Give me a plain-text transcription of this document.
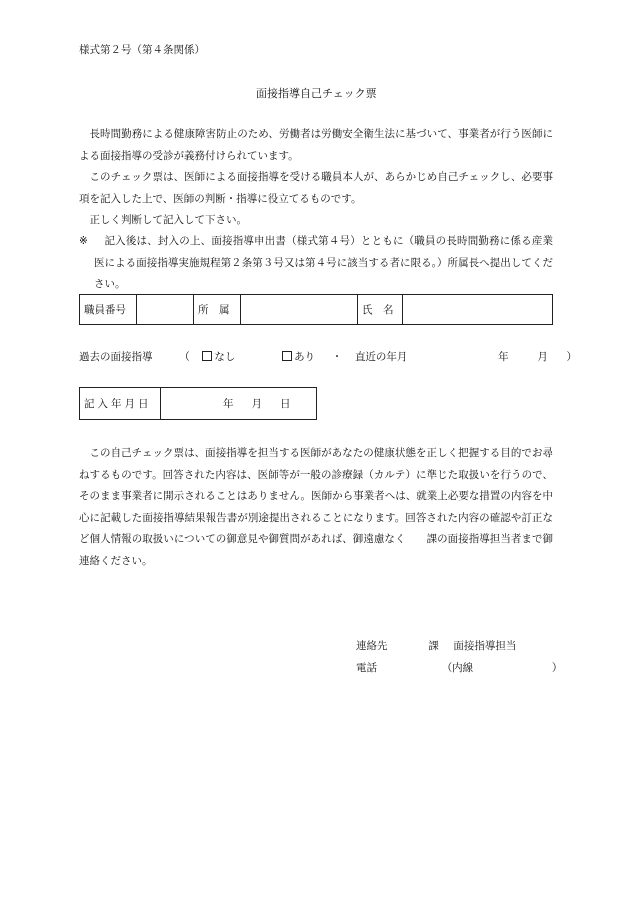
様式第２号（第４条関係）
面接指導自己チェック票

長時間勤務による健康障害防止のため、労働者は労働安全衛生法に基づいて、事業者が行う医師による面接指導の受診が義務付けられています。

このチェック票は、医師による面接指導を受ける職員本人が、あらかじめ自己チェックし、必要事項を記入した上で、医師の判断・指導に役立てるものです。

正しく判断して記入して下さい。

※	記入後は、封入の上、面接指導申出書（様式第４号）とともに（職員の長時間勤務に係る産業医による面接指導実施規程第２条第３号又は第４号に該当する者に限る。）所属長へ提出してください。
職員番号		所　属		氏　名	
過去の面接指導	（ なし	あり ・ 直近の年月	年	月 ）
記入年月日	年 月 日

この自己チェック票は、面接指導を担当する医師があなたの健康状態を正しく把握する目的でお尋ねするものです。回答された内容は、医師等が一般の診療録（カルテ）に準じた取扱いを行うので、そのまま事業者に開示されることはありません。医師から事業者へは、就業上必要な措置の内容を中心に記載した面接指導結果報告書が別途提出されることになります。回答された内容の確認や訂正など個人情報の取扱いについての御意見や御質問があれば、御遠慮なく　　課の面接指導担当者まで御連絡ください。

連絡先	課 面接指導担当
電話	（内線	）
